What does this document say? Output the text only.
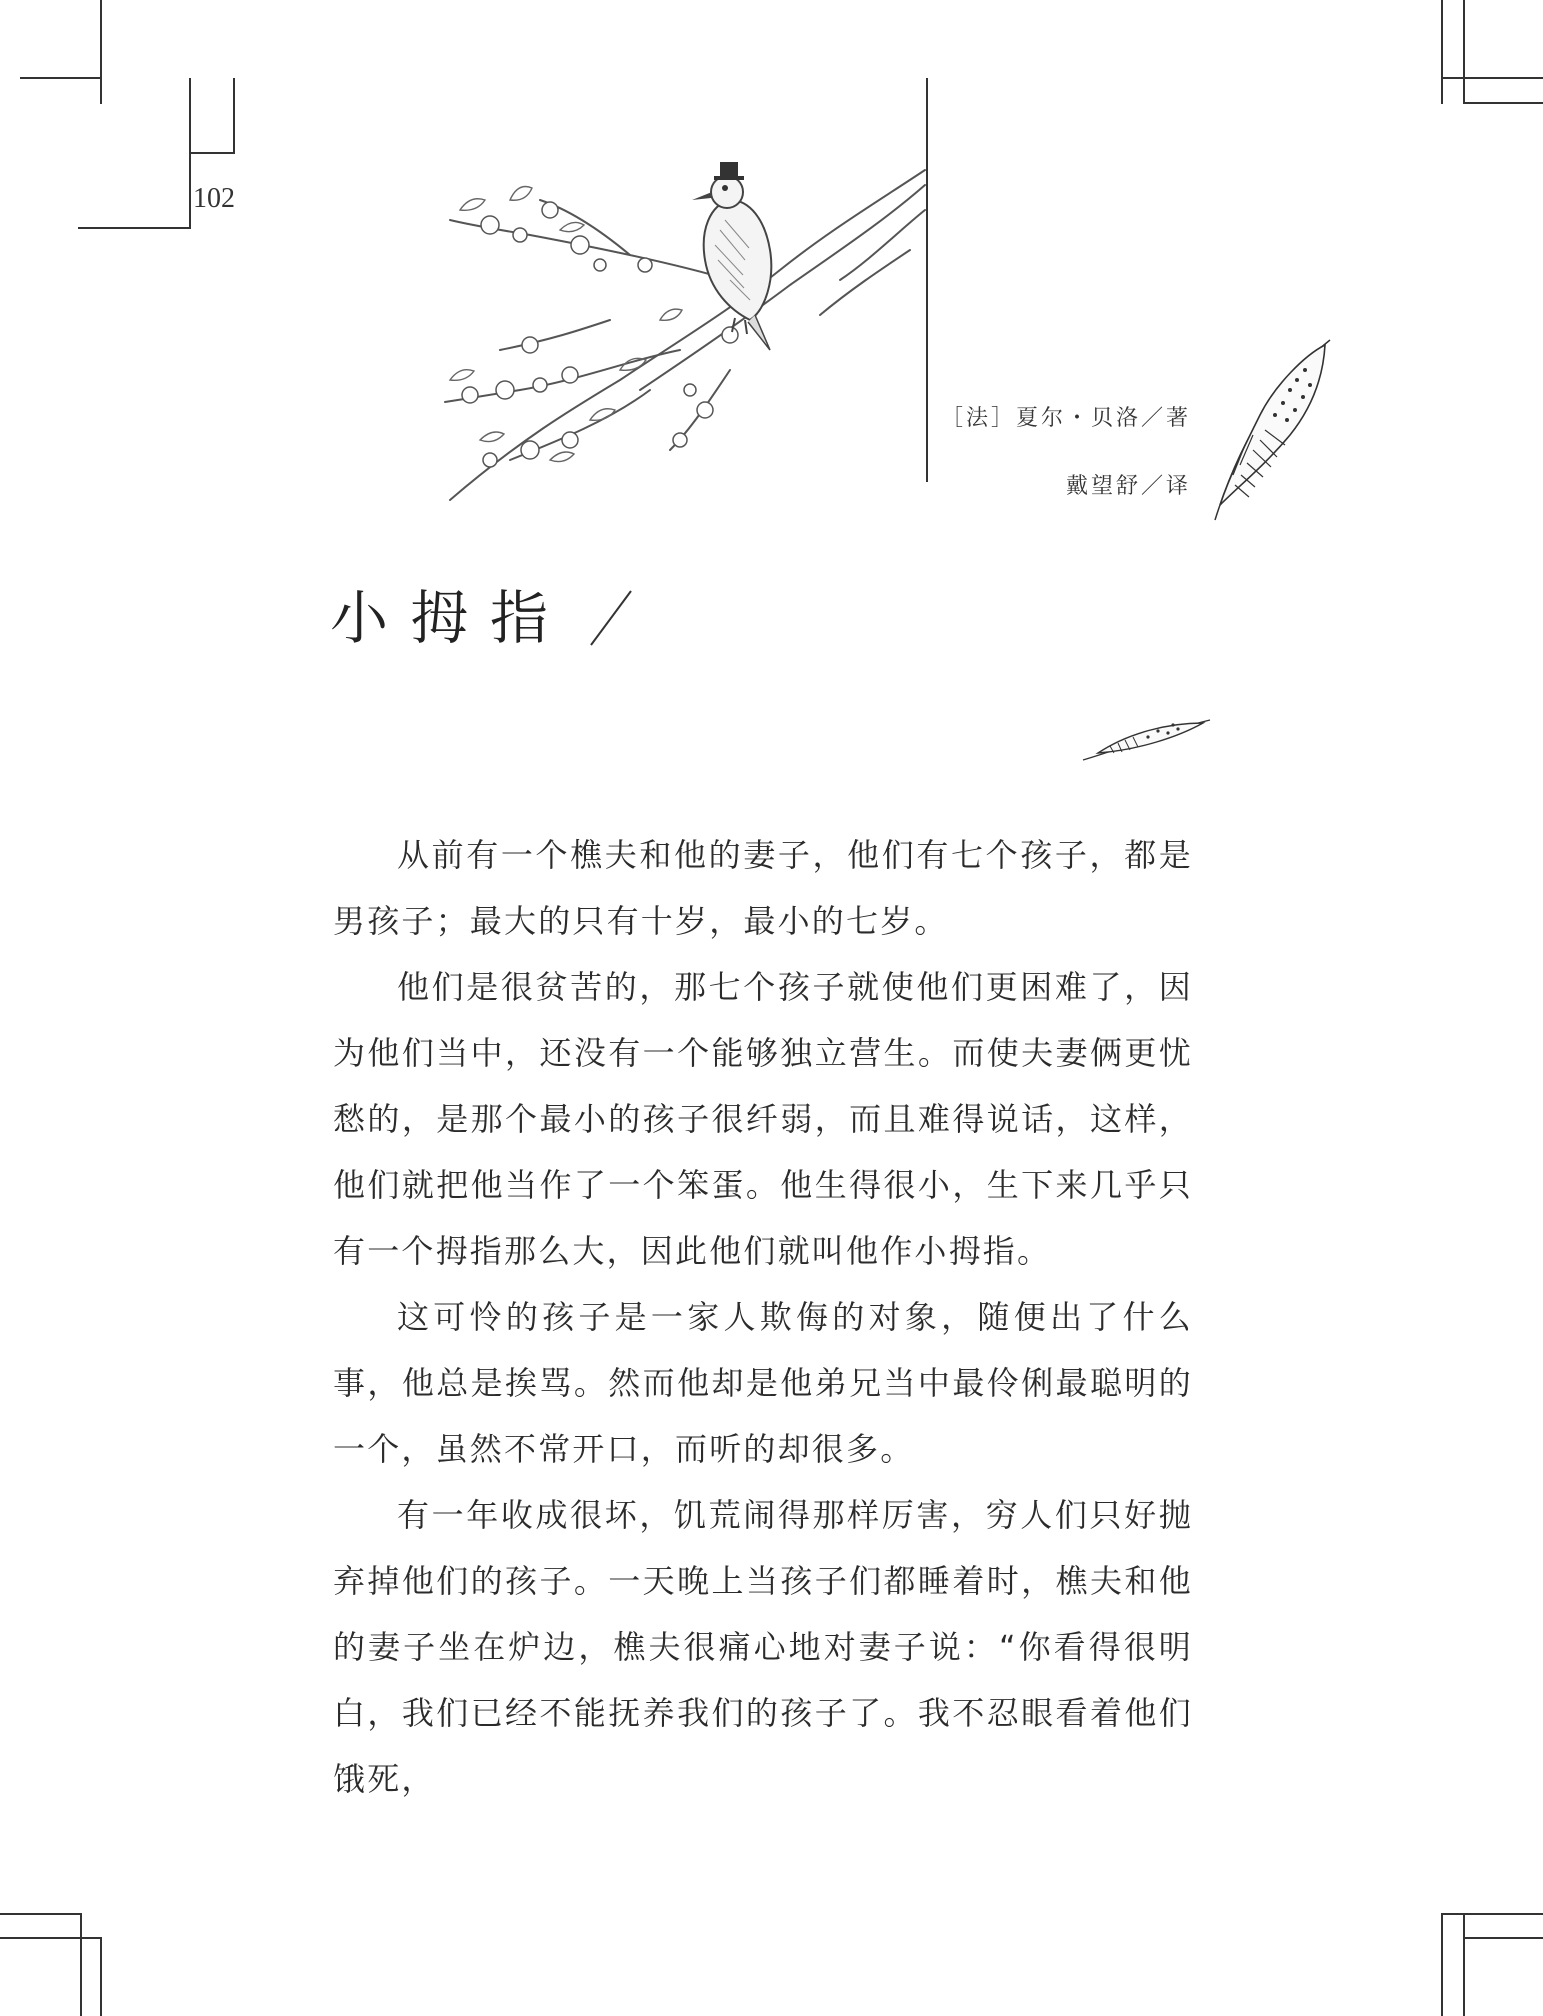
102
［法］夏尔・贝洛／著
戴望舒／译
小拇指

从前有一个樵夫和他的妻子，他们有七个孩子，都是男孩子；最大的只有十岁，最小的七岁。

他们是很贫苦的，那七个孩子就使他们更困难了，因为他们当中，还没有一个能够独立营生。而使夫妻俩更忧愁的，是那个最小的孩子很纤弱，而且难得说话，这样，他们就把他当作了一个笨蛋。他生得很小，生下来几乎只有一个拇指那么大，因此他们就叫他作小拇指。

这可怜的孩子是一家人欺侮的对象，随便出了什么事，他总是挨骂。然而他却是他弟兄当中最伶俐最聪明的一个，虽然不常开口，而听的却很多。

有一年收成很坏，饥荒闹得那样厉害，穷人们只好抛弃掉他们的孩子。一天晚上当孩子们都睡着时，樵夫和他的妻子坐在炉边，樵夫很痛心地对妻子说：“你看得很明白，我们已经不能抚养我们的孩子了。我不忍眼看着他们饿死，
